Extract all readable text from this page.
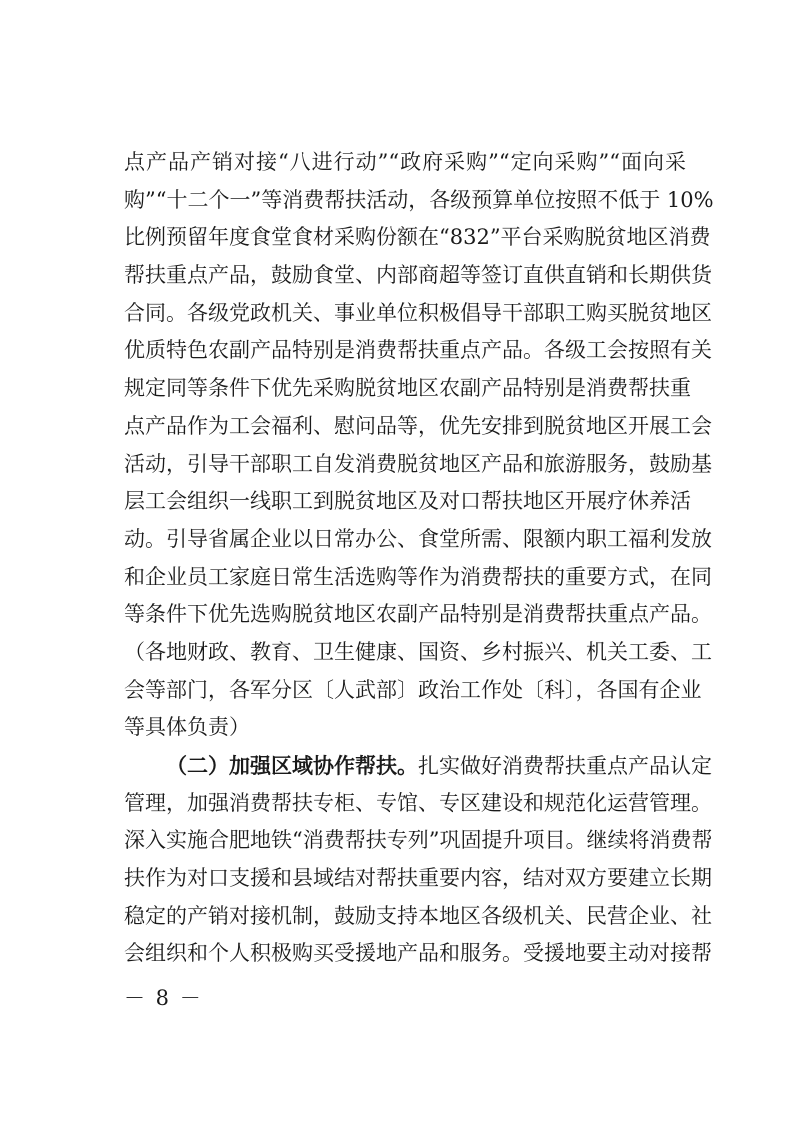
点产品产销对接“八进行动”“政府采购”“定向采购”“面向采
购”“十二个一”等消费帮扶活动，各级预算单位按照不低于 10%
比例预留年度食堂食材采购份额在“832”平台采购脱贫地区消费
帮扶重点产品，鼓励食堂、内部商超等签订直供直销和长期供货
合同。各级党政机关、事业单位积极倡导干部职工购买脱贫地区
优质特色农副产品特别是消费帮扶重点产品。各级工会按照有关
规定同等条件下优先采购脱贫地区农副产品特别是消费帮扶重
点产品作为工会福利、慰问品等，优先安排到脱贫地区开展工会
活动，引导干部职工自发消费脱贫地区产品和旅游服务，鼓励基
层工会组织一线职工到脱贫地区及对口帮扶地区开展疗休养活
动。引导省属企业以日常办公、食堂所需、限额内职工福利发放
和企业员工家庭日常生活选购等作为消费帮扶的重要方式，在同
等条件下优先选购脱贫地区农副产品特别是消费帮扶重点产品。
（各地财政、教育、卫生健康、国资、乡村振兴、机关工委、工
会等部门，各军分区〔人武部〕政治工作处〔科〕，各国有企业
等具体负责）
（二）加强区域协作帮扶。扎实做好消费帮扶重点产品认定
管理，加强消费帮扶专柜、专馆、专区建设和规范化运营管理。
深入实施合肥地铁“消费帮扶专列”巩固提升项目。继续将消费帮
扶作为对口支援和县域结对帮扶重要内容，结对双方要建立长期
稳定的产销对接机制，鼓励支持本地区各级机关、民营企业、社
会组织和个人积极购买受援地产品和服务。受援地要主动对接帮
－ 8 －
